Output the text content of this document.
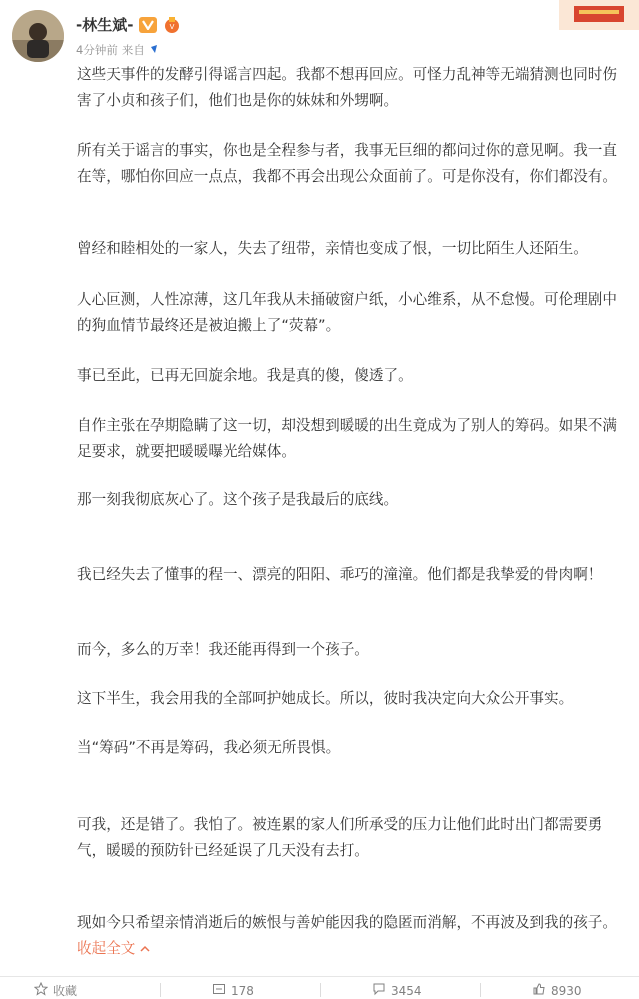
-林生斌-	V
4分钟前 来自

这些天事件的发酵引得谣言四起。我都不想再回应。可怪力乱神等无端猜测也同时伤害了小贞和孩子们，他们也是你的妹妹和外甥啊。

所有关于谣言的事实，你也是全程参与者，我事无巨细的都问过你的意见啊。我一直在等，哪怕你回应一点点，我都不再会出现公众面前了。可是你没有，你们都没有。

曾经和睦相处的一家人，失去了纽带，亲情也变成了恨，一切比陌生人还陌生。

人心叵测，人性凉薄，这几年我从未捅破窗户纸，小心维系，从不怠慢。可伦理剧中的狗血情节最终还是被迫搬上了“荧幕”。

事已至此，已再无回旋余地。我是真的傻，傻透了。

自作主张在孕期隐瞒了这一切，却没想到暖暖的出生竟成为了别人的筹码。如果不满足要求，就要把暖暖曝光给媒体。

那一刻我彻底灰心了。这个孩子是我最后的底线。

我已经失去了懂事的程一、漂亮的阳阳、乖巧的潼潼。他们都是我挚爱的骨肉啊！

而今，多么的万幸！我还能再得到一个孩子。

这下半生，我会用我的全部呵护她成长。所以，彼时我决定向大众公开事实。

当“筹码”不再是筹码，我必须无所畏惧。

可我，还是错了。我怕了。被连累的家人们所承受的压力让他们此时出门都需要勇气，暖暖的预防针已经延误了几天没有去打。

现如今只希望亲情消逝后的嫉恨与善妒能因我的隐匿而消解，不再波及到我的孩子。 收起全文

收藏	178	3454	8930
